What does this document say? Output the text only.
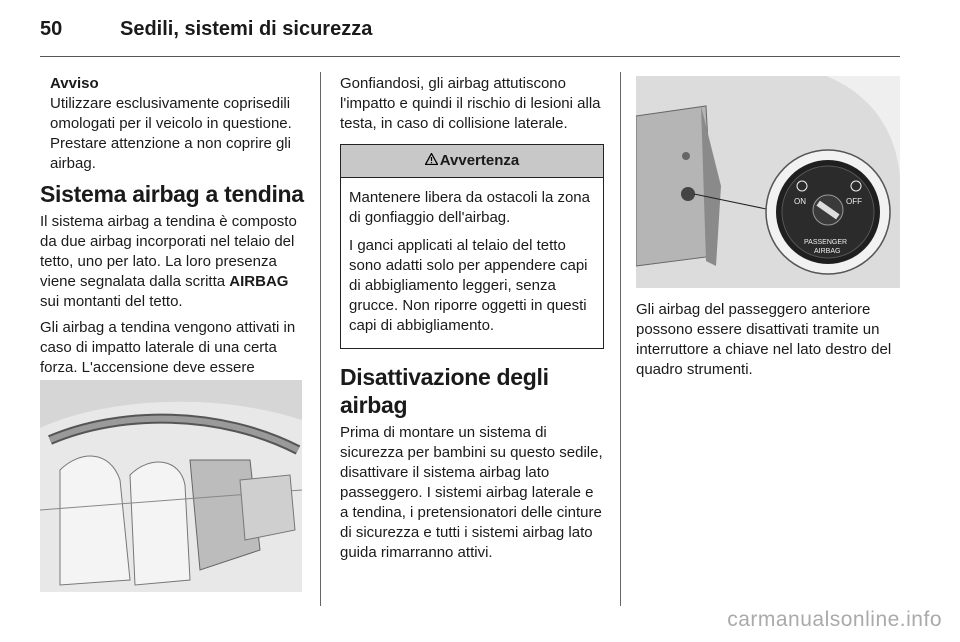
50	Sedili, sistemi di sicurezza
Avviso

Utilizzare esclusivamente coprisedili omologati per il veicolo in questione. Prestare attenzione a non coprire gli airbag.

Sistema airbag a tendina

Il sistema airbag a tendina è composto da due airbag incorporati nel telaio del tetto, uno per lato. La loro presenza viene segnalata dalla scritta AIRBAG sui montanti del tetto.

Gli airbag a tendina vengono attivati in caso di impatto laterale di una certa forza. L'accensione deve essere

Gonfiandosi, gli airbag attutiscono l'impatto e quindi il rischio di lesioni alla testa, in caso di collisione laterale.

Avvertenza

Mantenere libera da ostacoli la zona di gonfiaggio dell'airbag.

I ganci applicati al telaio del tetto sono adatti solo per appendere capi di abbigliamento leggeri, senza grucce. Non riporre oggetti in questi capi di abbigliamento.

Disattivazione degli airbag

Prima di montare un sistema di sicurezza per bambini su questo sedile, disattivare il sistema airbag lato passeggero. I sistemi airbag laterale e a tendina, i pretensionatori delle cinture di sicurezza e tutti i sistemi airbag lato guida rimarranno attivi.

ON	OFF
PASSENGER
AIRBAG

Gli airbag del passeggero anteriore possono essere disattivati tramite un interruttore a chiave nel lato destro del quadro strumenti.

carmanualsonline.info
